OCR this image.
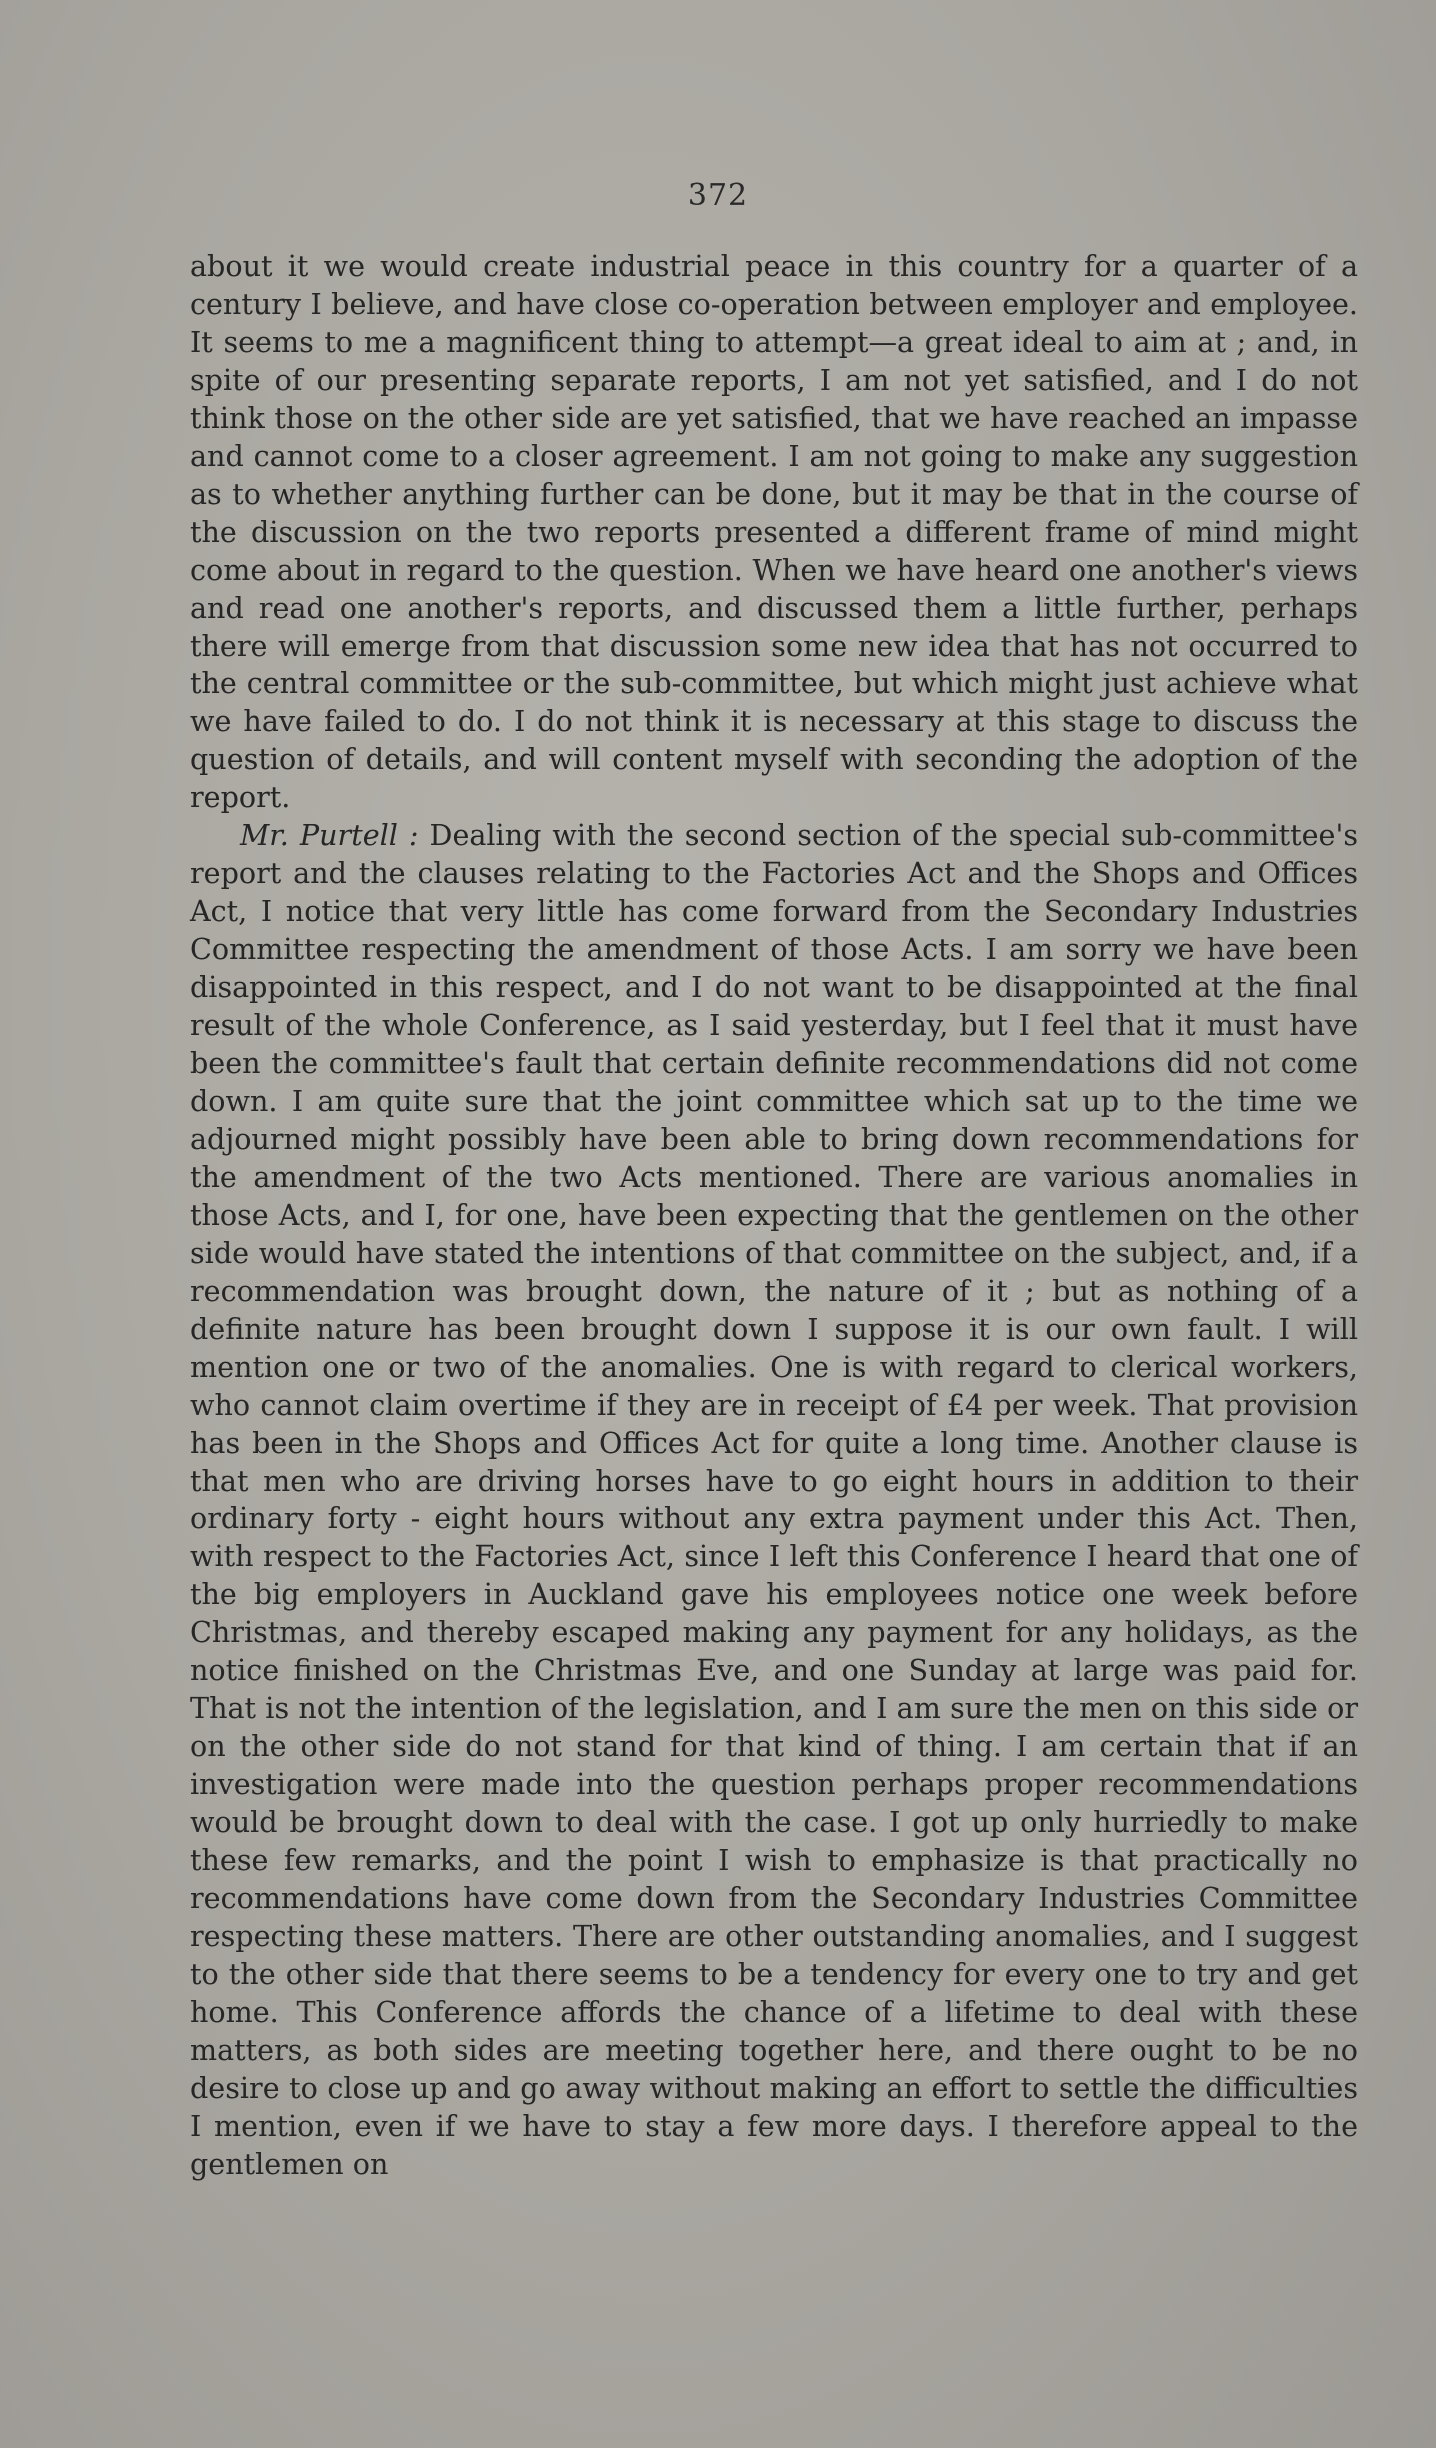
372

about it we would create industrial peace in this country for a quarter of a century I believe, and have close co-operation between employer and employee. It seems to me a magnificent thing to attempt—a great ideal to aim at ; and, in spite of our presenting separate reports, I am not yet satisfied, and I do not think those on the other side are yet satisfied, that we have reached an impasse and cannot come to a closer agreement. I am not going to make any suggestion as to whether anything further can be done, but it may be that in the course of the discussion on the two reports presented a different frame of mind might come about in regard to the question. When we have heard one another's views and read one another's reports, and discussed them a little further, perhaps there will emerge from that discussion some new idea that has not occurred to the central committee or the sub-committee, but which might just achieve what we have failed to do. I do not think it is necessary at this stage to discuss the question of details, and will content myself with seconding the adoption of the report.

Mr. Purtell : Dealing with the second section of the special sub-committee's report and the clauses relating to the Factories Act and the Shops and Offices Act, I notice that very little has come forward from the Secondary Industries Committee respecting the amendment of those Acts. I am sorry we have been disappointed in this respect, and I do not want to be disappointed at the final result of the whole Conference, as I said yesterday, but I feel that it must have been the committee's fault that certain definite recommendations did not come down. I am quite sure that the joint committee which sat up to the time we adjourned might possibly have been able to bring down recommendations for the amendment of the two Acts mentioned. There are various anomalies in those Acts, and I, for one, have been expecting that the gentlemen on the other side would have stated the intentions of that committee on the subject, and, if a recommendation was brought down, the nature of it ; but as nothing of a definite nature has been brought down I suppose it is our own fault. I will mention one or two of the anomalies. One is with regard to clerical workers, who cannot claim overtime if they are in receipt of £4 per week. That provision has been in the Shops and Offices Act for quite a long time. Another clause is that men who are driving horses have to go eight hours in addition to their ordinary forty - eight hours without any extra payment under this Act. Then, with respect to the Factories Act, since I left this Conference I heard that one of the big employers in Auckland gave his employees notice one week before Christmas, and thereby escaped making any payment for any holidays, as the notice finished on the Christmas Eve, and one Sunday at large was paid for. That is not the intention of the legislation, and I am sure the men on this side or on the other side do not stand for that kind of thing. I am certain that if an investigation were made into the question perhaps proper recommendations would be brought down to deal with the case. I got up only hurriedly to make these few remarks, and the point I wish to emphasize is that practically no recommendations have come down from the Secondary Industries Committee respecting these matters. There are other outstanding anomalies, and I suggest to the other side that there seems to be a tendency for every one to try and get home. This Conference affords the chance of a lifetime to deal with these matters, as both sides are meeting together here, and there ought to be no desire to close up and go away without making an effort to settle the difficulties I mention, even if we have to stay a few more days. I therefore appeal to the gentlemen on
